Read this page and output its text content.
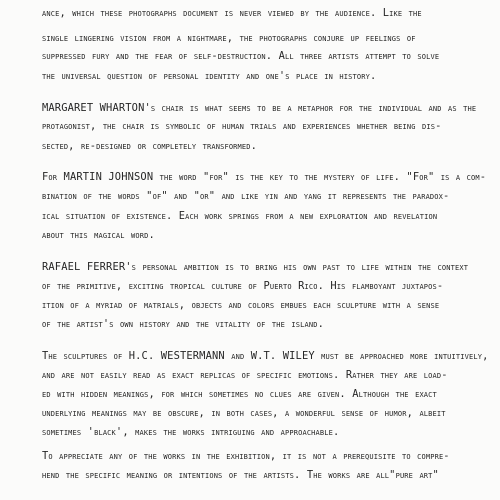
ance, which these photographs document is never viewed by the audience. Like the

single lingering vision from a nightmare, the photographs conjure up feelings of

suppressed fury and the fear of self-destruction. All three artists attempt to solve

the universal question of personal identity and one's place in history.

MARGARET WHARTON's chair is what seems to be a metaphor for the individual and as the

protagonist, the chair is symbolic of human trials and experiences whether being dis-

sected, re-designed or completely transformed.

For MARTIN JOHNSON the word "for" is the key to the mystery of life. "For" is a com-

bination of the words "of" and "or" and like yin and yang it represents the paradox-

ical situation of existence. Each work springs from a new exploration and revelation

about this magical word.

RAFAEL FERRER's personal ambition is to bring his own past to life within the context

of the primitive, exciting tropical culture of Puerto Rico. His flamboyant juxtapos-

ition of a myriad of matrials, objects and colors embues each sculpture with a sense

of the artist's own history and the vitality of the island.

The sculptures of H.C. WESTERMANN and W.T. WILEY must be approached more intuitively,

and are not easily read as exact replicas of specific emotions. Rather they are load-

ed with hidden meanings, for which sometimes no clues are given. Although the exact

underlying meanings may be obscure, in both cases, a wonderful sense of humor, albeit

sometimes 'black', makes the works intriguing and approachable.

To appreciate any of the works in the exhibition, it is not a prerequisite to compre-

hend the specific meaning or intentions of the artists. The works are all"pure art"
